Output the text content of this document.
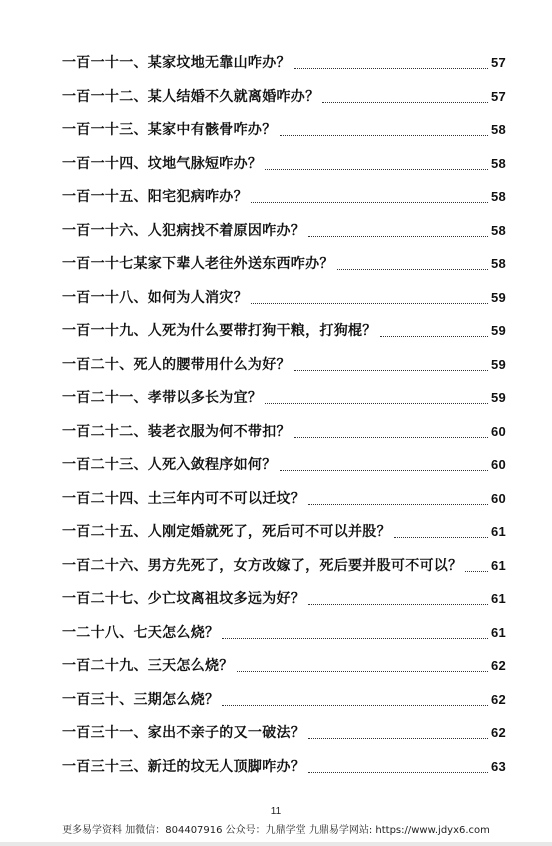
一百一十一、某家坟地无靠山咋办？	57
一百一十二、某人结婚不久就离婚咋办？	57
一百一十三、某家中有骸骨咋办？	58
一百一十四、坟地气脉短咋办？	58
一百一十五、阳宅犯病咋办？	58
一百一十六、人犯病找不着原因咋办？	58
一百一十七某家下辈人老往外送东西咋办？	58
一百一十八、如何为人消灾？	59
一百一十九、人死为什么要带打狗干粮，打狗棍？	59
一百二十、死人的腰带用什么为好？	59
一百二十一、孝带以多长为宜？	59
一百二十二、装老衣服为何不带扣？	60
一百二十三、人死入敛程序如何？	60
一百二十四、土三年内可不可以迁坟？	60
一百二十五、人刚定婚就死了，死后可不可以并股？	61
一百二十六、男方先死了，女方改嫁了，死后要并股可不可以？ 61
一百二十七、少亡坟离祖坟多远为好？	61
一二十八、七天怎么烧？	61
一百二十九、三天怎么烧？	62
一百三十、三期怎么烧？	62
一百三十一、家出不亲子的又一破法？	62
一百三十三、新迁的坟无人顶脚咋办？	63
11
更多易学资料 加微信：804407916 公众号：九鼎学堂 九鼎易学网站: https://www.jdyx6.com
